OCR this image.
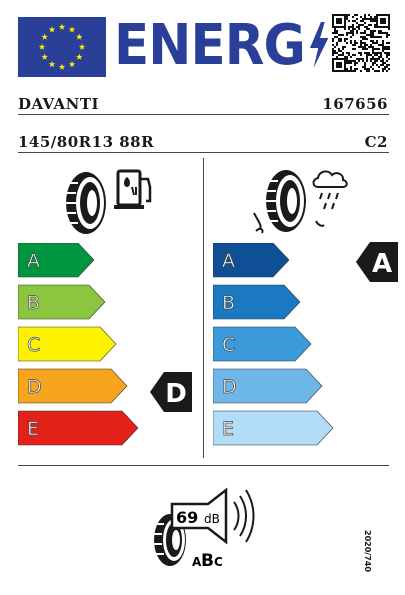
ENERG
DAVANTI	167656
145/80R13 88R	C2
A
B
C
D
E
D
A
B
C
D
E
A
69 dB
A B C	2020/740
